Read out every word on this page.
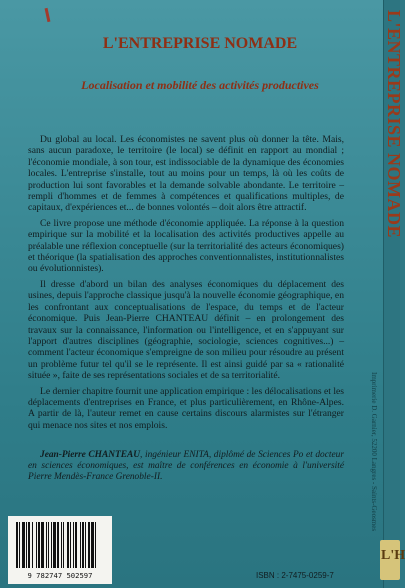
L'ENTREPRISE NOMADE
Imprimerie D. Garnier, 52200 Langres - Saints-Geosmes
L'H
L'ENTREPRISE NOMADE
Localisation et mobilité des activités productives

Du global au local. Les économistes ne savent plus où donner la tête. Mais, sans aucun paradoxe, le territoire (le local) se définit en rapport au mondial ; l'économie mondiale, à son tour, est indissociable de la dynamique des économies locales. L'entreprise s'installe, tout au moins pour un temps, là où les coûts de production lui sont favorables et la demande solvable abondante. Le territoire – rempli d'hommes et de femmes à compétences et qualifications multiples, de capitaux, d'expériences et... de bonnes volontés – doit alors être attractif.

Ce livre propose une méthode d'économie appliquée. La réponse à la question empirique sur la mobilité et la localisation des activités productives appelle au préalable une réflexion conceptuelle (sur la territorialité des acteurs économiques) et théorique (la spatialisation des approches conventionnalistes, institutionnalistes ou évolutionnistes).

Il dresse d'abord un bilan des analyses économiques du déplacement des usines, depuis l'approche classique jusqu'à la nouvelle économie géographique, en les confrontant aux conceptualisations de l'espace, du temps et de l'acteur économique. Puis Jean-Pierre CHANTEAU définit – en prolongement des travaux sur la connaissance, l'information ou l'intelligence, et en s'appuyant sur l'apport d'autres disciplines (géographie, sociologie, sciences cognitives...) – comment l'acteur économique s'empreigne de son milieu pour résoudre au présent un problème futur tel qu'il se le représente. Il est ainsi guidé par sa « rationalité située », faite de ses représentations sociales et de sa territorialité.

Le dernier chapitre fournit une application empirique : les délocalisations et les déplacements d'entreprises en France, et plus particulièrement, en Rhône-Alpes. A partir de là, l'auteur remet en cause certains discours alarmistes sur l'étranger qui menace nos sites et nos emplois.

Jean-Pierre CHANTEAU, ingénieur ENITA, diplômé de Sciences Po et docteur en sciences économiques, est maître de conférences en économie à l'université Pierre Mendès-France Grenoble-II.
9 782747 502597	ISBN : 2-7475-0259-7
